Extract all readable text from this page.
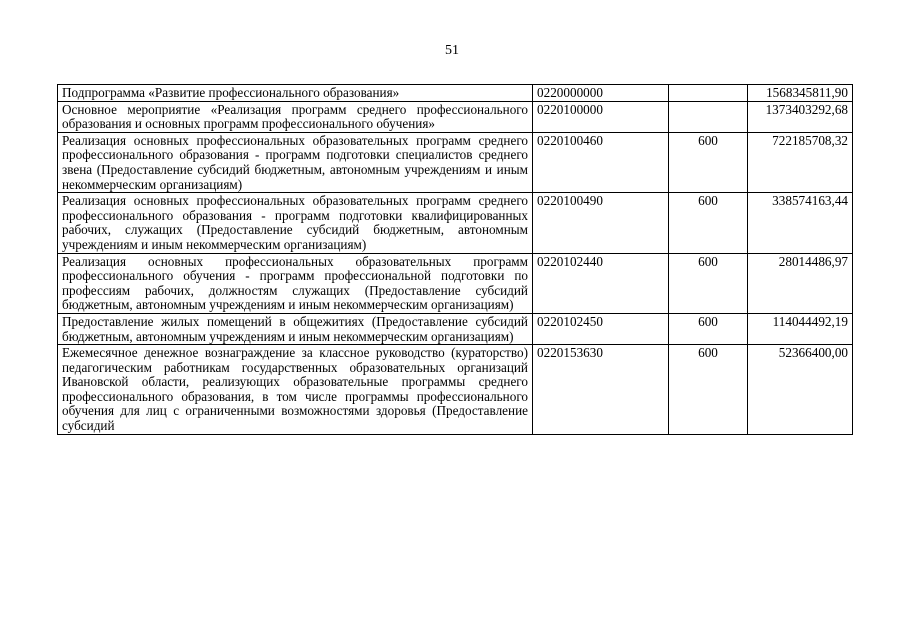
51
Подпрограмма «Развитие профессионального образования»	0220000000		1568345811,90
Основное мероприятие «Реализация программ среднего профессионального образования и основных программ профессионального обучения»	0220100000		1373403292,68
Реализация основных профессиональных образовательных программ среднего профессионального образования - программ подготовки специалистов среднего звена (Предоставление субсидий бюджетным, автономным учреждениям и иным некоммерческим организациям)	0220100460	600	722185708,32
Реализация основных профессиональных образовательных программ среднего профессионального образования - программ подготовки квалифицированных рабочих, служащих (Предоставление субсидий бюджетным, автономным учреждениям и иным некоммерческим организациям)	0220100490	600	338574163,44
Реализация основных профессиональных образовательных программ профессионального обучения - программ профессиональной подготовки по профессиям рабочих, должностям служащих (Предоставление субсидий бюджетным, автономным учреждениям и иным некоммерческим организациям)	0220102440	600	28014486,97
Предоставление жилых помещений в общежитиях (Предоставление субсидий бюджетным, автономным учреждениям и иным некоммерческим организациям)	0220102450	600	114044492,19
Ежемесячное денежное вознаграждение за классное руководство (кураторство) педагогическим работникам государственных образовательных организаций Ивановской области, реализующих образовательные программы среднего профессионального образования, в том числе программы профессионального обучения для лиц с ограниченными возможностями здоровья (Предоставление субсидий	0220153630	600	52366400,00
